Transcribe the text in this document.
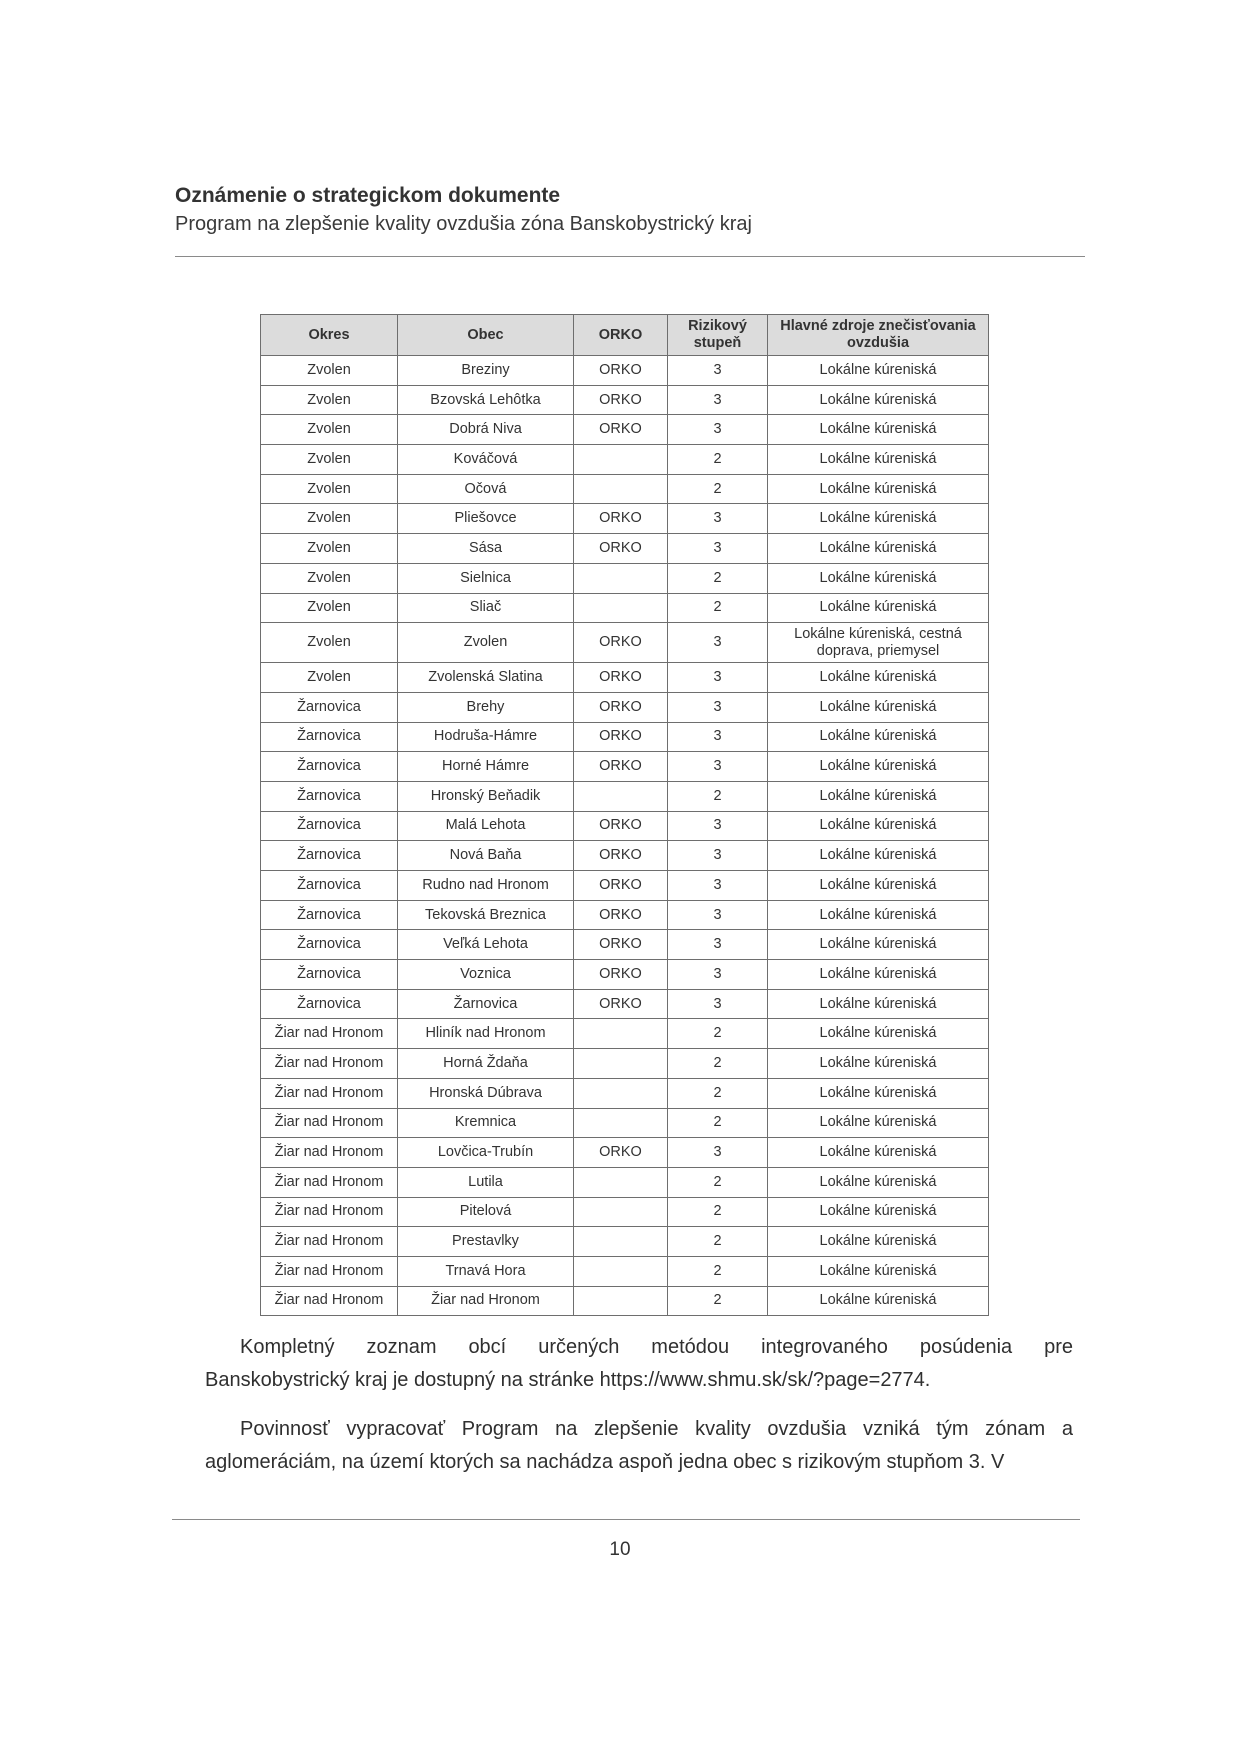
Oznámenie o strategickom dokumente
Program na zlepšenie kvality ovzdušia zóna Banskobystrický kraj
Okres	Obec	ORKO	Rizikový stupeň	Hlavné zdroje znečisťovania ovzdušia
Zvolen	Breziny	ORKO	3	Lokálne kúreniská
Zvolen	Bzovská Lehôtka	ORKO	3	Lokálne kúreniská
Zvolen	Dobrá Niva	ORKO	3	Lokálne kúreniská
Zvolen	Kováčová		2	Lokálne kúreniská
Zvolen	Očová		2	Lokálne kúreniská
Zvolen	Pliešovce	ORKO	3	Lokálne kúreniská
Zvolen	Sása	ORKO	3	Lokálne kúreniská
Zvolen	Sielnica		2	Lokálne kúreniská
Zvolen	Sliač		2	Lokálne kúreniská
Zvolen	Zvolen	ORKO	3	Lokálne kúreniská, cestná doprava, priemysel
Zvolen	Zvolenská Slatina	ORKO	3	Lokálne kúreniská
Žarnovica	Brehy	ORKO	3	Lokálne kúreniská
Žarnovica	Hodruša-Hámre	ORKO	3	Lokálne kúreniská
Žarnovica	Horné Hámre	ORKO	3	Lokálne kúreniská
Žarnovica	Hronský Beňadik		2	Lokálne kúreniská
Žarnovica	Malá Lehota	ORKO	3	Lokálne kúreniská
Žarnovica	Nová Baňa	ORKO	3	Lokálne kúreniská
Žarnovica	Rudno nad Hronom	ORKO	3	Lokálne kúreniská
Žarnovica	Tekovská Breznica	ORKO	3	Lokálne kúreniská
Žarnovica	Veľká Lehota	ORKO	3	Lokálne kúreniská
Žarnovica	Voznica	ORKO	3	Lokálne kúreniská
Žarnovica	Žarnovica	ORKO	3	Lokálne kúreniská
Žiar nad Hronom	Hliník nad Hronom		2	Lokálne kúreniská
Žiar nad Hronom	Horná Ždaňa		2	Lokálne kúreniská
Žiar nad Hronom	Hronská Dúbrava		2	Lokálne kúreniská
Žiar nad Hronom	Kremnica		2	Lokálne kúreniská
Žiar nad Hronom	Lovčica-Trubín	ORKO	3	Lokálne kúreniská
Žiar nad Hronom	Lutila		2	Lokálne kúreniská
Žiar nad Hronom	Pitelová		2	Lokálne kúreniská
Žiar nad Hronom	Prestavlky		2	Lokálne kúreniská
Žiar nad Hronom	Trnavá Hora		2	Lokálne kúreniská
Žiar nad Hronom	Žiar nad Hronom		2	Lokálne kúreniská
Kompletný zoznam obcí určených metódou integrovaného posúdenia pre
Banskobystrický kraj je dostupný na stránke https://www.shmu.sk/sk/?page=2774.
Povinnosť vypracovať Program na zlepšenie kvality ovzdušia vzniká tým zónam a
aglomeráciám, na území ktorých sa nachádza aspoň jedna obec s rizikovým stupňom 3. V
10
